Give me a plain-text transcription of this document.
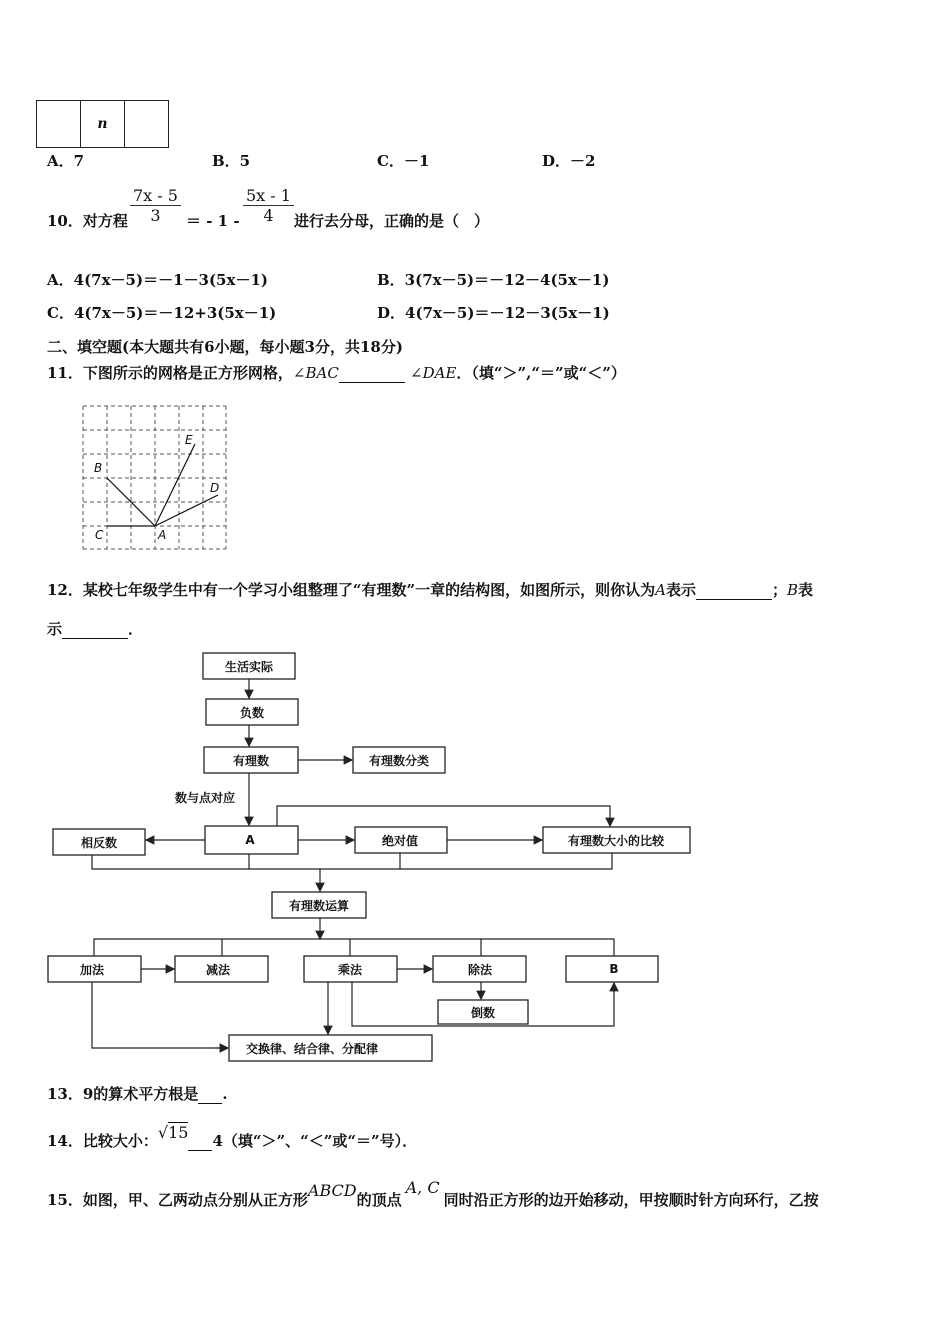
	n	
A．7	B．5	C．－1	D．－2
10．对方程 $\frac{7x - 5}{3}$ ＝ - $1 - \frac{5x - 1}{4}$ 进行去分母，正确的是（　）
A．4(7x－5)＝－1－3(5x－1)	B．3(7x－5)＝－12－4(5x－1)
C．4(7x－5)＝－12+3(5x－1)	D．4(7x－5)＝－12－3(5x－1)
二、填空题(本大题共有6小题，每小题3分，共18分)
11．下图所示的网格是正方形网格，∠BAC	∠DAE．（填“＞”,“＝”或“＜”）
B
E
D
C	A
12．某校七年级学生中有一个学习小组整理了“有理数”一章的结构图，如图所示，则你认为A表示	；B表
示	．
生活实际
负数
有理数	有理数分类
数与点对应
相反数	A	绝对值	有理数大小的比较
有理数运算
加法	减法	乘法	除法	B
倒数
交换律、结合律、分配律
13．9的算术平方根是 .
14．比较大小：√15 4（填“＞”、“＜”或“＝”号）．
15．如图，甲、乙两动点分别从正方形ABCD的顶点A, C同时沿正方形的边开始移动，甲按顺时针方向环行，乙按
